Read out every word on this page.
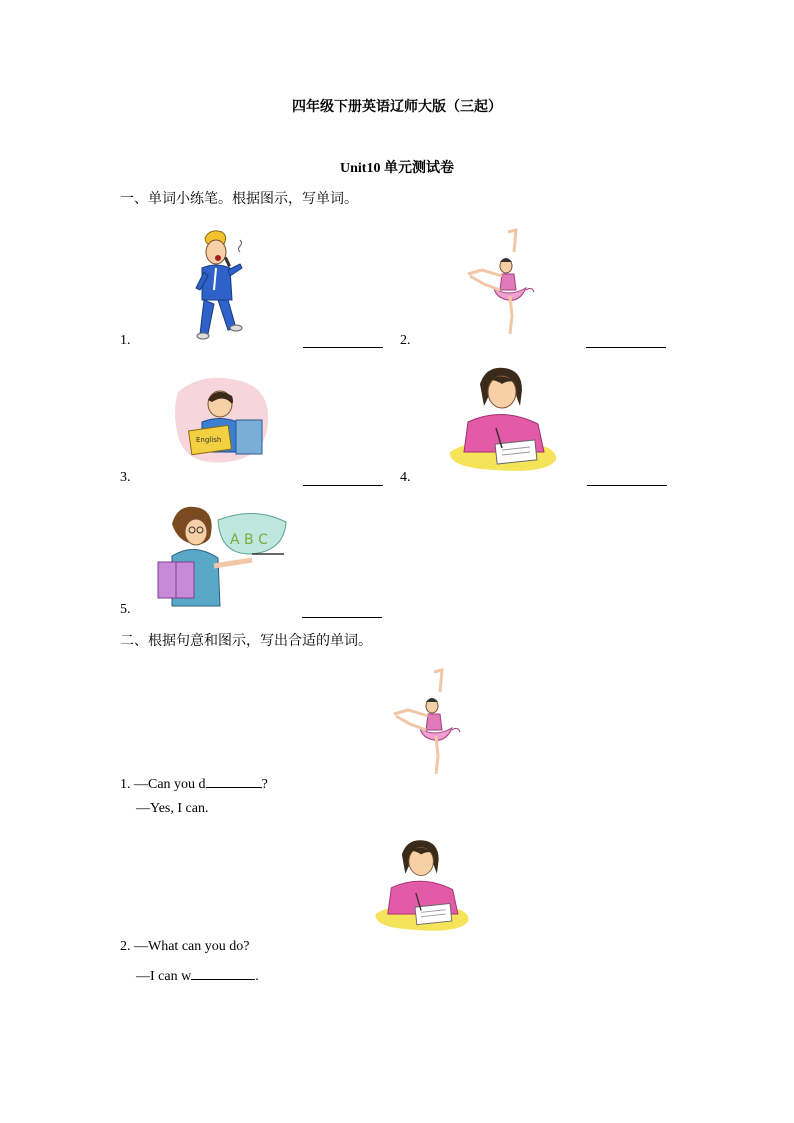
四年级下册英语辽师大版（三起）
Unit10 单元测试卷
一、单词小练笔。根据图示，写单词。
1.	2.
English
3.	4.
A B C
5.
二、根据句意和图示，写出合适的单词。
1. —Can you d	?
—Yes, I can.
2. —What can you do?
—I can w	.
